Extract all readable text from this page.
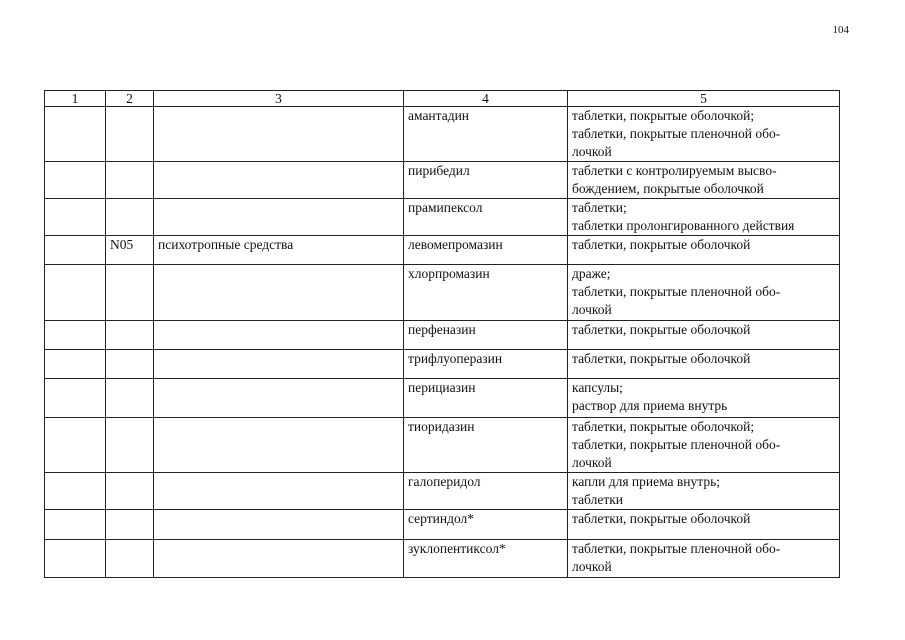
104
1	2	3	4	5
			амантадин	таблетки, покрытые оболочкой;
таблетки, покрытые пленочной обо-
лочкой
			пирибедил	таблетки с контролируемым высво-
бождением, покрытые оболочкой
			прамипексол	таблетки;
таблетки пролонгированного действия
	N05	психотропные средства	левомепромазин	таблетки, покрытые оболочкой
			хлорпромазин	драже;
таблетки, покрытые пленочной обо-
лочкой
			перфеназин	таблетки, покрытые оболочкой
			трифлуоперазин	таблетки, покрытые оболочкой
			перициазин	капсулы;
раствор для приема внутрь
			тиоридазин	таблетки, покрытые оболочкой;
таблетки, покрытые пленочной обо-
лочкой
			галоперидол	капли для приема внутрь;
таблетки
			сертиндол*	таблетки, покрытые оболочкой
			зуклопентиксол*	таблетки, покрытые пленочной обо-
лочкой
